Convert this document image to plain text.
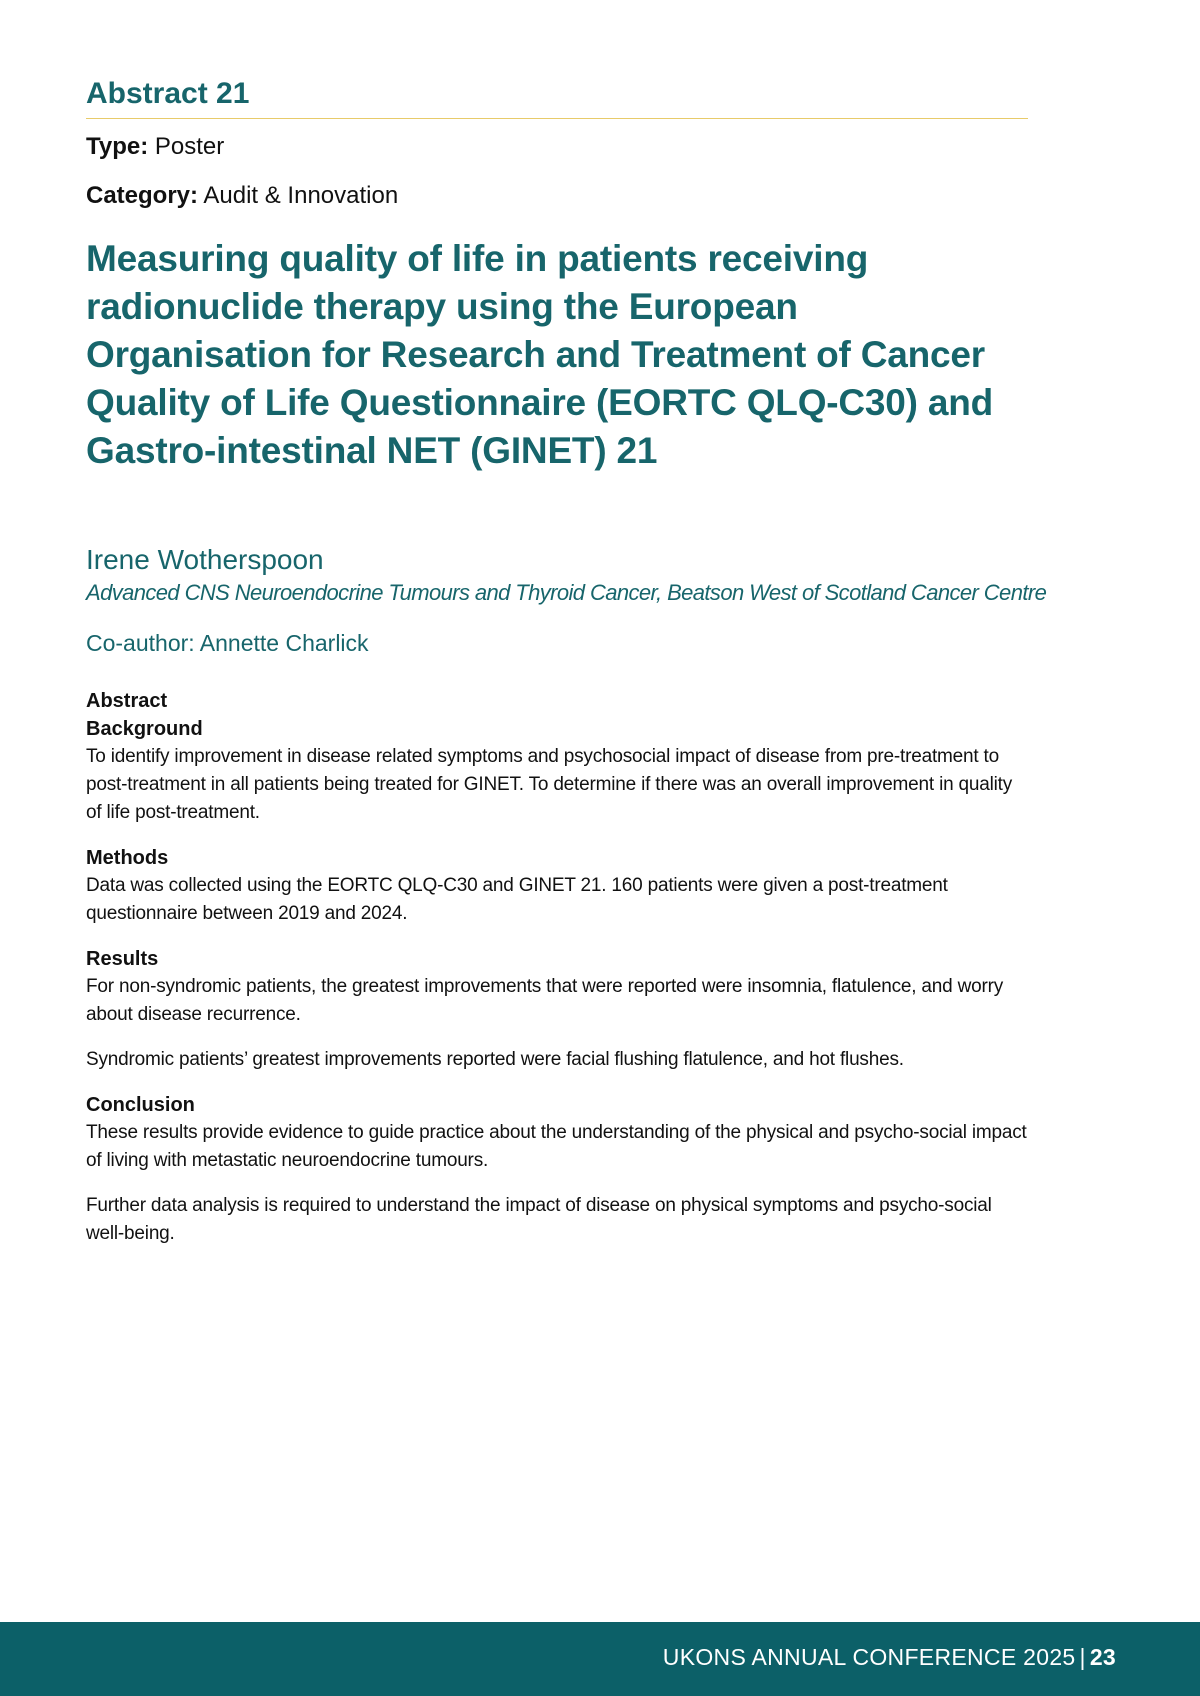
Abstract 21

Type: Poster

Category: Audit & Innovation

Measuring quality of life in patients receiving radionuclide therapy using the European Organisation for Research and Treatment of Cancer Quality of Life Questionnaire (EORTC QLQ-C30) and Gastro-intestinal NET (GINET) 21

Irene Wotherspoon

Advanced CNS Neuroendocrine Tumours and Thyroid Cancer, Beatson West of Scotland Cancer Centre

Co-author: Annette Charlick

Abstract

Background

To identify improvement in disease related symptoms and psychosocial impact of disease from pre-treatment to post-treatment in all patients being treated for GINET. To determine if there was an overall improvement in quality of life post-treatment.

Methods

Data was collected using the EORTC QLQ-C30 and GINET 21. 160 patients were given a post-treatment questionnaire between 2019 and 2024.

Results

For non-syndromic patients, the greatest improvements that were reported were insomnia, flatulence, and worry about disease recurrence.

Syndromic patients’ greatest improvements reported were facial flushing flatulence, and hot flushes.

Conclusion

These results provide evidence to guide practice about the understanding of the physical and psycho-social impact of living with metastatic neuroendocrine tumours.

Further data analysis is required to understand the impact of disease on physical symptoms and psycho-social well-being.

UKONS ANNUAL CONFERENCE 2025 | 23
